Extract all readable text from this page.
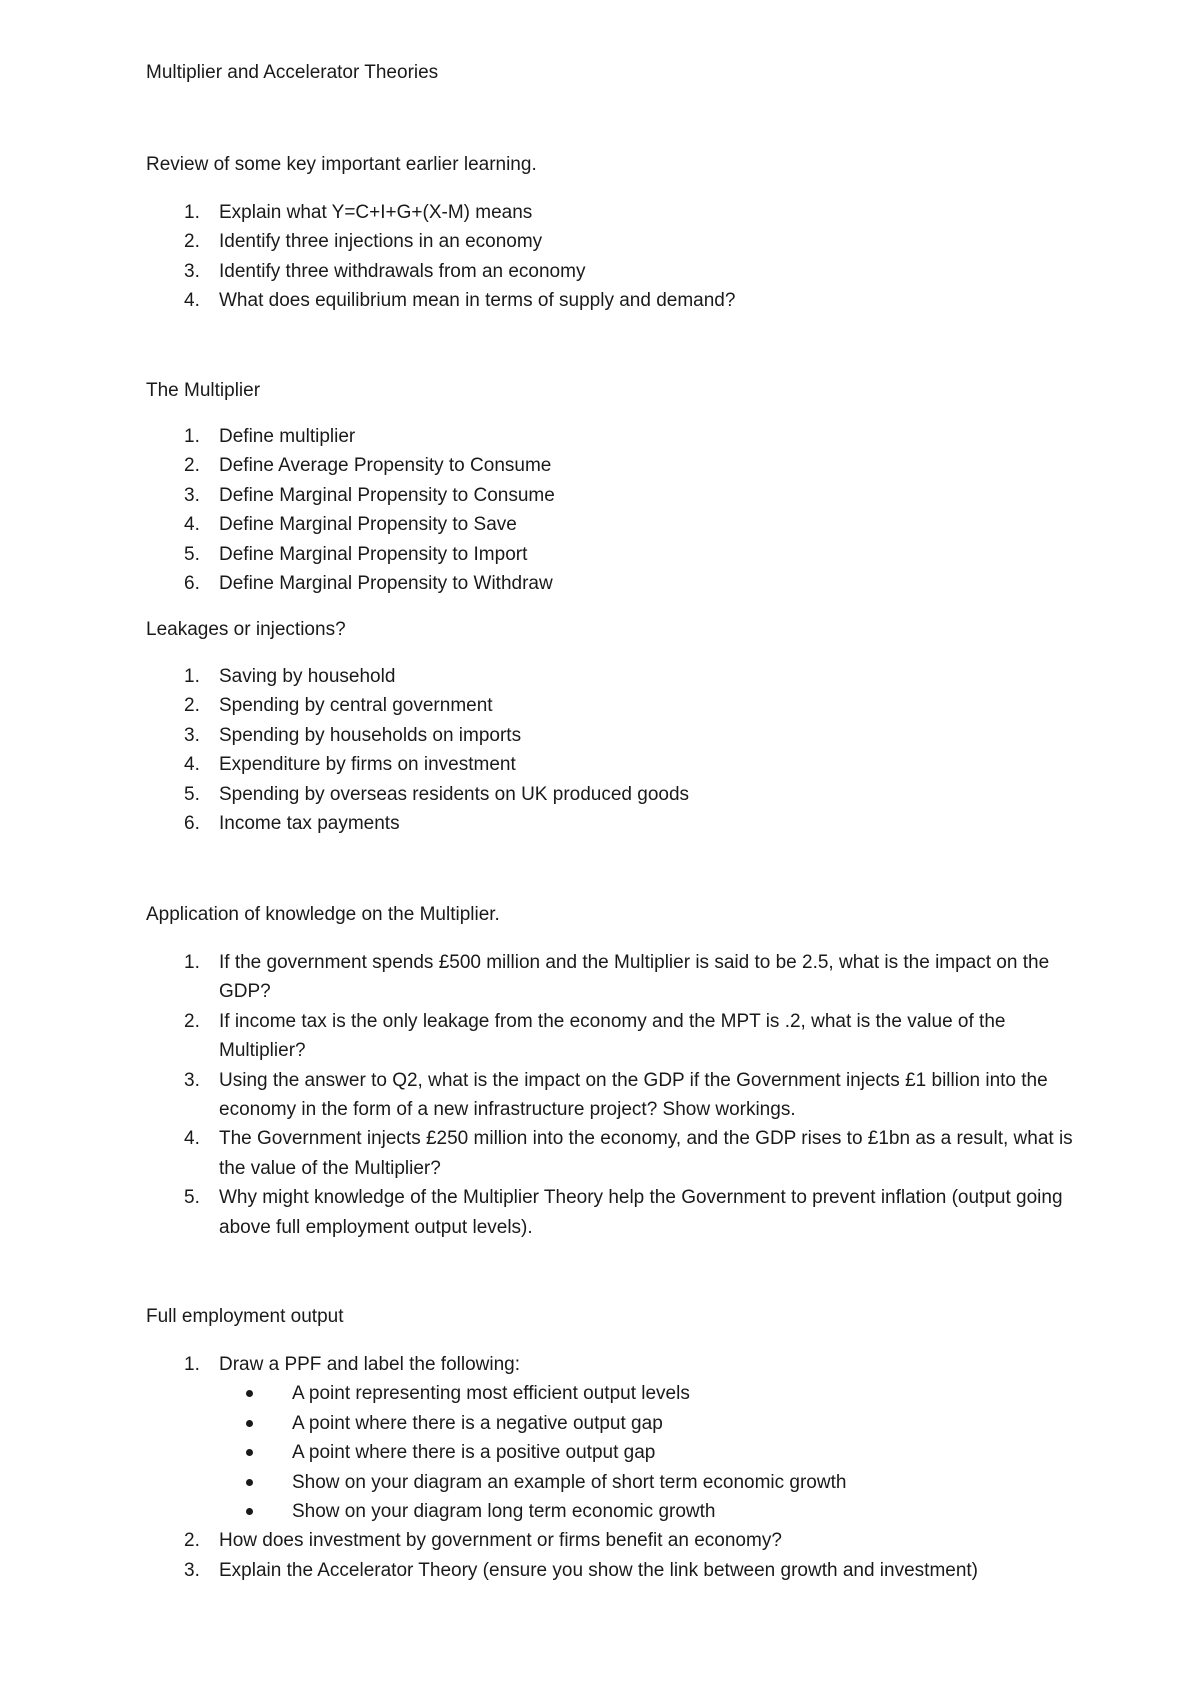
Multiplier and Accelerator Theories
Review of some key important earlier learning.
1. Explain what Y=C+I+G+(X-M) means
2. Identify three injections in an economy
3. Identify three withdrawals from an economy
4. What does equilibrium mean in terms of supply and demand?
The Multiplier
1. Define multiplier
2. Define Average Propensity to Consume
3. Define Marginal Propensity to Consume
4. Define Marginal Propensity to Save
5. Define Marginal Propensity to Import
6. Define Marginal Propensity to Withdraw
Leakages or injections?
1. Saving by household
2. Spending by central government
3. Spending by households on imports
4. Expenditure by firms on investment
5. Spending by overseas residents on UK produced goods
6. Income tax payments
Application of knowledge on the Multiplier.
1. If the government spends £500 million and the Multiplier is said to be 2.5, what is the impact on the GDP?
2. If income tax is the only leakage from the economy and the MPT is .2, what is the value of the Multiplier?
3. Using the answer to Q2, what is the impact on the GDP if the Government injects £1 billion into the economy in the form of a new infrastructure project? Show workings.
4. The Government injects £250 million into the economy, and the GDP rises to £1bn as a result, what is the value of the Multiplier?
5. Why might knowledge of the Multiplier Theory help the Government to prevent inflation (output going above full employment output levels).
Full employment output
1. Draw a PPF and label the following:
A point representing most efficient output levels
A point where there is a negative output gap
A point where there is a positive output gap
Show on your diagram an example of short term economic growth
Show on your diagram long term economic growth
2. How does investment by government or firms benefit an economy?
3. Explain the Accelerator Theory (ensure you show the link between growth and investment)
